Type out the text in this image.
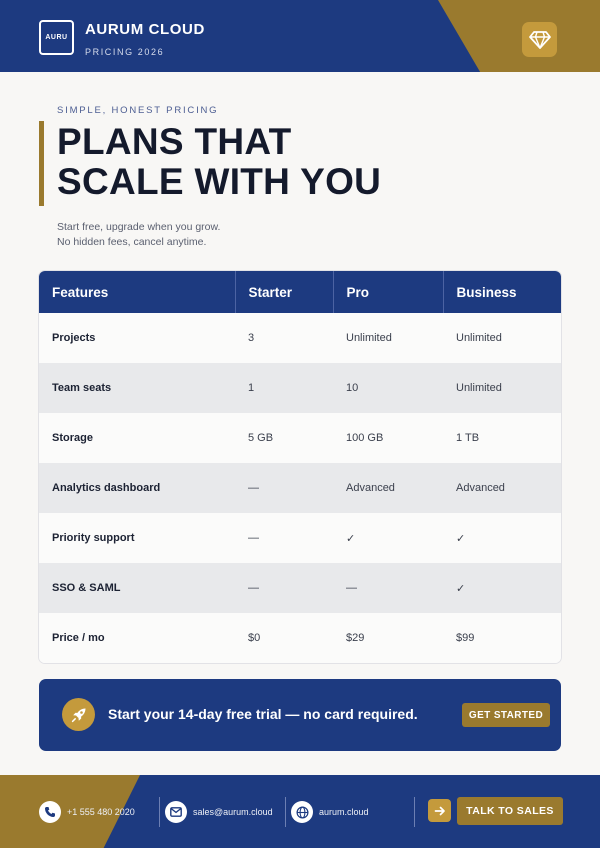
AURU AURUM CLOUD
PRICING 2026
SIMPLE, HONEST PRICING
PLANS THAT
SCALE WITH YOU
Start free, upgrade when you grow.
No hidden fees, cancel anytime.
Features	Starter	Pro	Business
Projects	3	Unlimited	Unlimited
Team seats	1	10	Unlimited
Storage	5 GB	100 GB	1 TB
Analytics dashboard	—	Advanced	Advanced
Priority support	—	✓	✓
SSO & SAML	—	—	✓
Price / mo	$0	$29	$99
Start your 14-day free trial — no card required.	GET STARTED
+1 555 480 2020	sales@aurum.cloud	aurum.cloud	TALK TO SALES
